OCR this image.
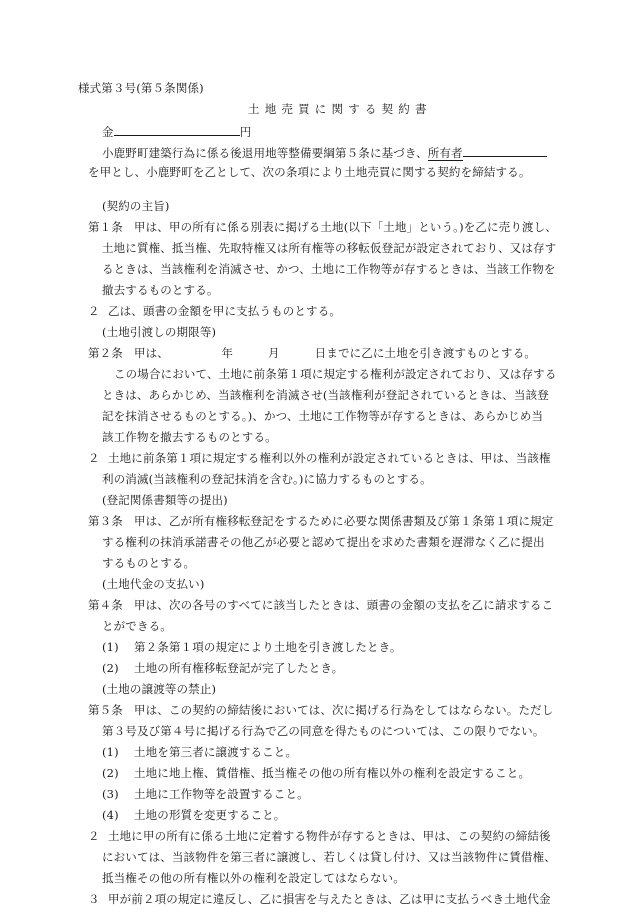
様式第３号(第５条関係)
土地売買に関する契約書
金	円
小鹿野町建築行為に係る後退用地等整備要綱第５条に基づき、所有者
を甲とし、小鹿野町を乙として、次の条項により土地売買に関する契約を締結する。
(契約の主旨)
第１条 甲は、甲の所有に係る別表に掲げる土地(以下「土地」という。)を乙に売り渡し、
土地に質権、抵当権、先取特権又は所有権等の移転仮登記が設定されており、又は存す
るときは、当該権利を消滅させ、かつ、土地に工作物等が存するときは、当該工作物を
撤去するものとする。
２ 乙は、頭書の金額を甲に支払うものとする。
(土地引渡しの期限等)
第２条 甲は、　　　　　年　　　月　　　日までに乙に土地を引き渡すものとする。
この場合において、土地に前条第１項に規定する権利が設定されており、又は存する
ときは、あらかじめ、当該権利を消滅させ(当該権利が登記されているときは、当該登
記を抹消させるものとする。)、かつ、土地に工作物等が存するときは、あらかじめ当
該工作物を撤去するものとする。
２ 土地に前条第１項に規定する権利以外の権利が設定されているときは、甲は、当該権
利の消滅(当該権利の登記抹消を含む。)に協力するものとする。
(登記関係書類等の提出)
第３条 甲は、乙が所有権移転登記をするために必要な関係書類及び第１条第１項に規定
する権利の抹消承諾書その他乙が必要と認めて提出を求めた書類を遅滞なく乙に提出
するものとする。
(土地代金の支払い)
第４条 甲は、次の各号のすべてに該当したときは、頭書の金額の支払を乙に請求するこ
とができる。
(1) 第２条第１項の規定により土地を引き渡したとき。
(2) 土地の所有権移転登記が完了したとき。
(土地の譲渡等の禁止)
第５条 甲は、この契約の締結後においては、次に掲げる行為をしてはならない。ただし
第３号及び第４号に掲げる行為で乙の同意を得たものについては、この限りでない。
(1) 土地を第三者に譲渡すること。
(2) 土地に地上権、賃借権、抵当権その他の所有権以外の権利を設定すること。
(3) 土地に工作物等を設置すること。
(4) 土地の形質を変更すること。
２ 土地に甲の所有に係る土地に定着する物件が存するときは、甲は、この契約の締結後
においては、当該物件を第三者に譲渡し、若しくは貸し付け、又は当該物件に賃借権、
抵当権その他の所有権以外の権利を設定してはならない。
３ 甲が前２項の規定に違反し、乙に損害を与えたときは、乙は甲に支払うべき土地代金
